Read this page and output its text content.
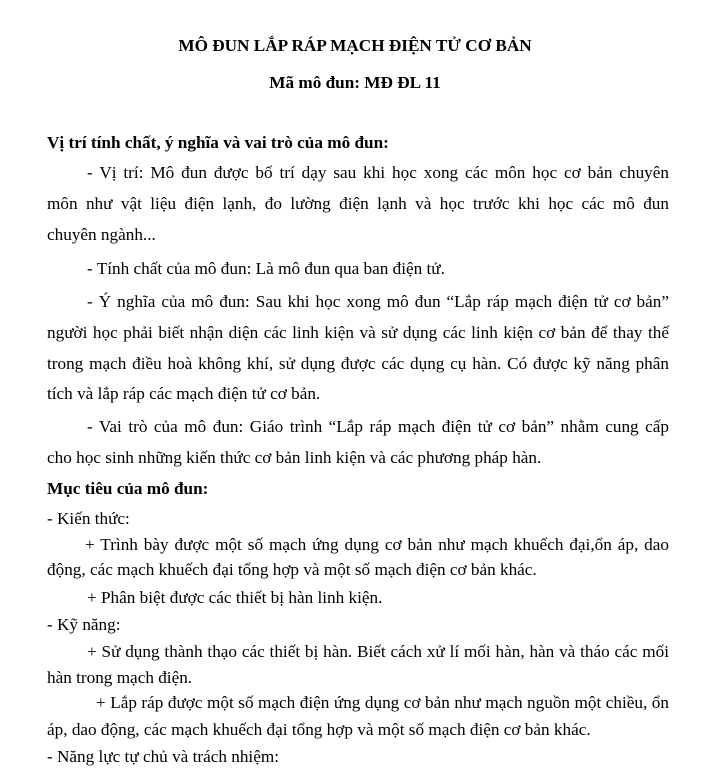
MÔ ĐUN LẮP RÁP MẠCH ĐIỆN TỬ CƠ BẢN
Mã mô đun: MĐ ĐL 11
Vị trí tính chất, ý nghĩa và vai trò của mô đun:
- Vị trí: Mô đun được bố trí dạy sau khi học xong các môn học cơ bản chuyên
môn như vật liệu điện lạnh, đo lường điện lạnh và học trước khi học các mô đun
chuyên ngành...
- Tính chất của mô đun: Là mô đun qua ban điện tử.
- Ý nghĩa của mô đun: Sau khi học xong mô đun “Lắp ráp mạch điện tử cơ bản”
người học phải biết nhận diện các linh kiện và sử dụng các linh kiện cơ bản để thay thế
trong mạch điều hoà không khí, sử dụng được các dụng cụ hàn. Có được kỹ năng phân
tích và lắp ráp các mạch điện tử cơ bản.
- Vai trò của mô đun: Giáo trình “Lắp ráp mạch điện tử cơ bản” nhằm cung cấp
cho học sinh những kiến thức cơ bản linh kiện và các phương pháp hàn.
Mục tiêu của mô đun:
- Kiến thức:
+ Trình bày được một số mạch ứng dụng cơ bản như mạch khuếch đại,ổn áp, dao
động, các mạch khuếch đại tổng hợp và một số mạch điện cơ bản khác.
+ Phân biệt được các thiết bị hàn linh kiện.
- Kỹ năng:
+ Sử dụng thành thạo các thiết bị hàn. Biết cách xử lí mối hàn, hàn và tháo các mối
hàn trong mạch điện.
+ Lắp ráp được một số mạch điện ứng dụng cơ bản như mạch nguồn một chiều, ổn
áp, dao động, các mạch khuếch đại tổng hợp và một số mạch điện cơ bản khác.
- Năng lực tự chủ và trách nhiệm:
